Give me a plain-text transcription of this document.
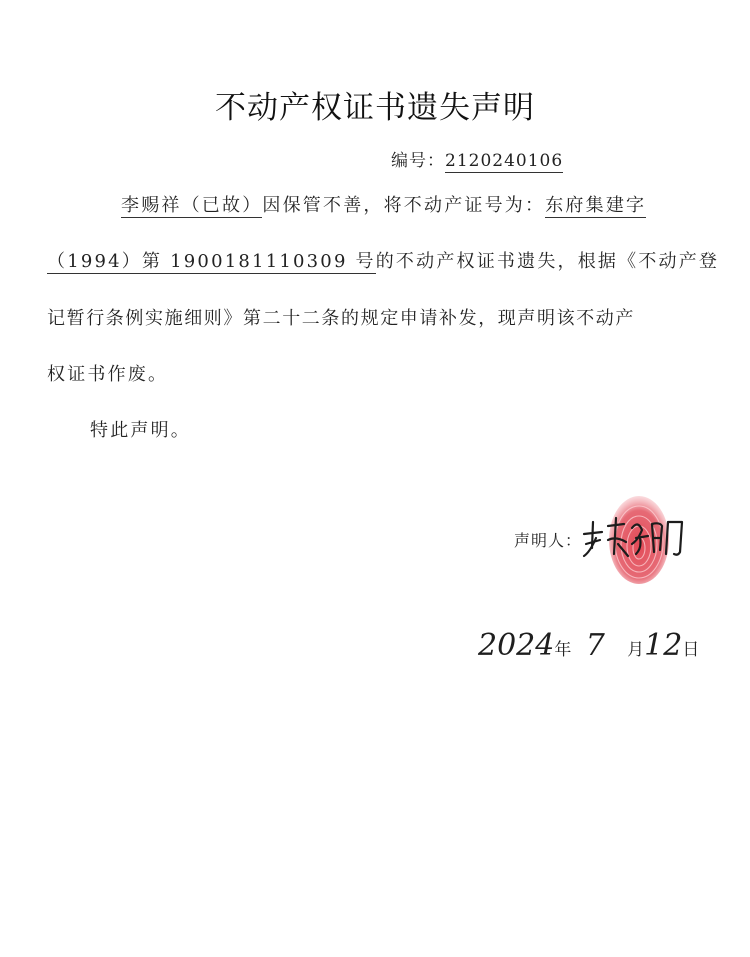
不动产权证书遗失声明
编号：2120240106
李赐祥（已故）因保管不善，将不动产证号为：东府集建字
（1994）第 1900181110309 号的不动产权证书遗失，根据《不动产登
记暂行条例实施细则》第二十二条的规定申请补发，现声明该不动产
权证书作废。
特此声明。
声明人：
2024年 7 月12日
